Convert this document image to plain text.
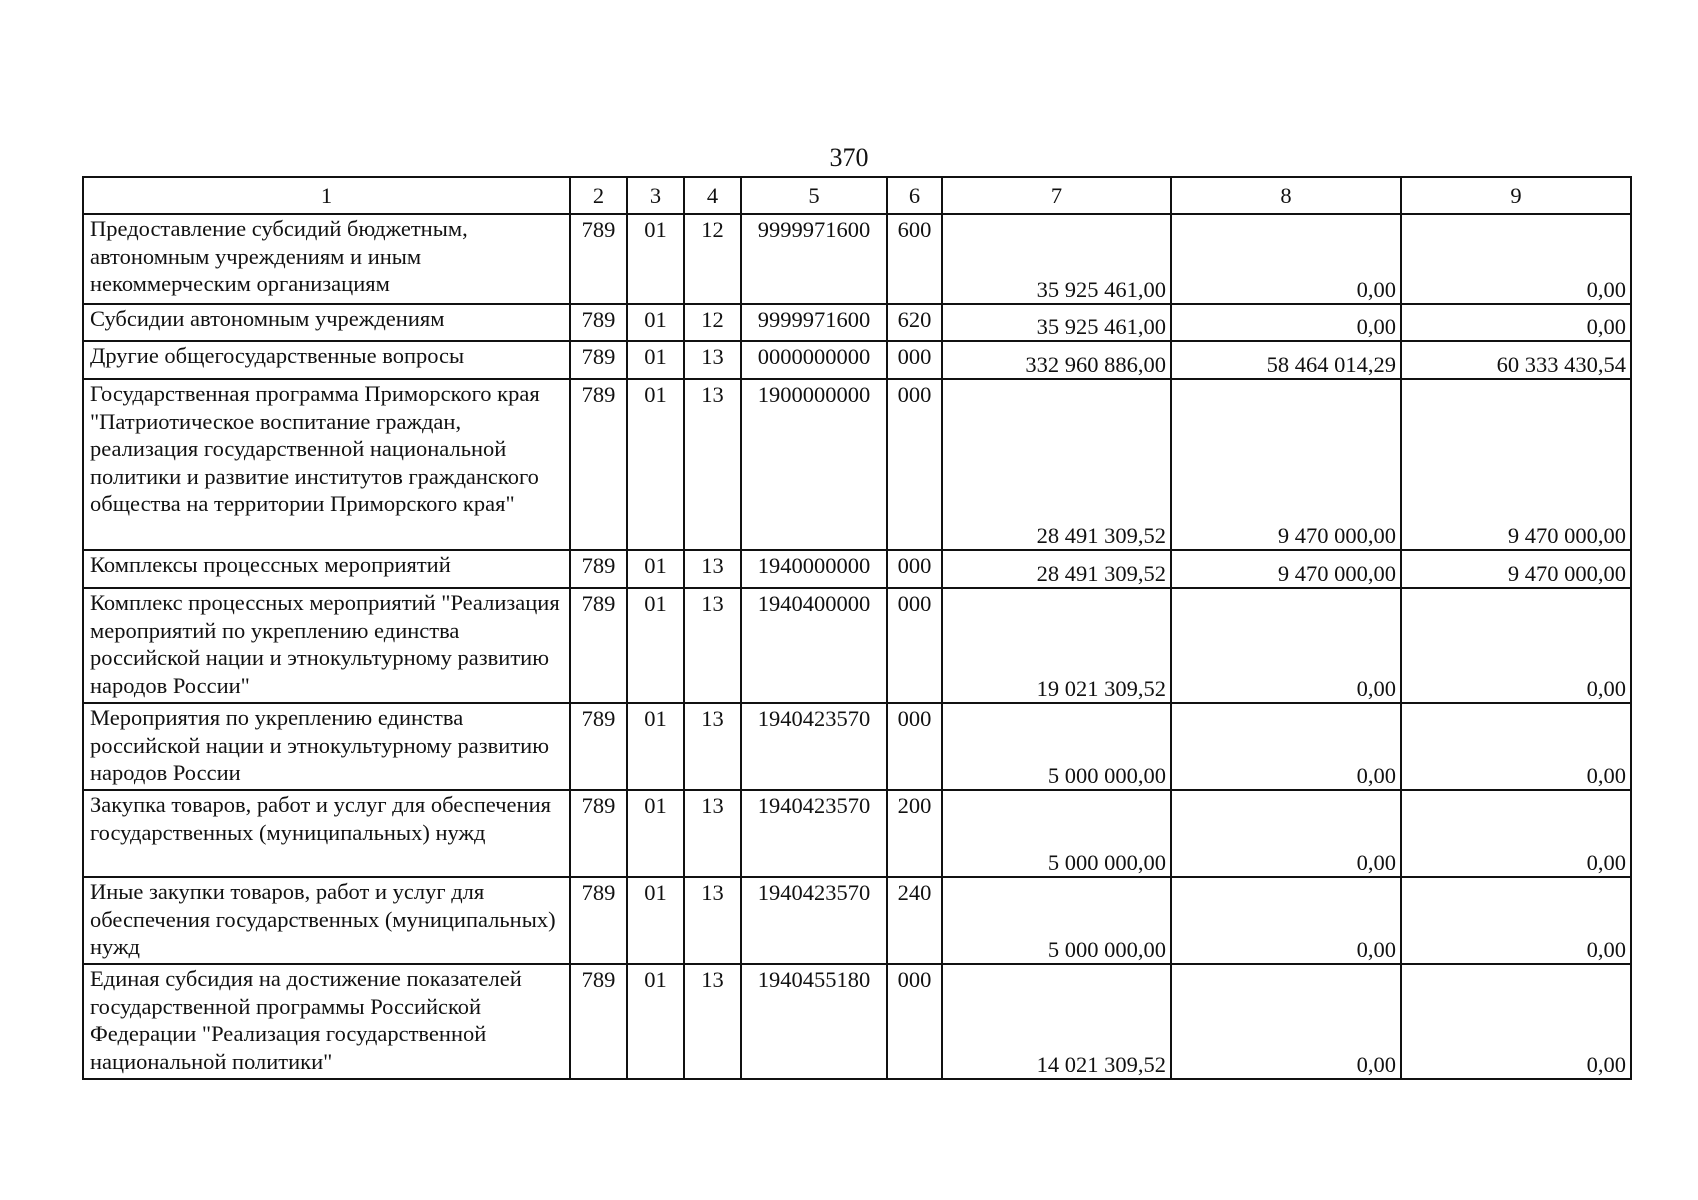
370
1	2	3	4	5	6	7	8	9
Предоставление субсидий бюджетным, автономным учреждениям и иным некоммерческим организациям	789	01	12	9999971600	600	35 925 461,00	0,00	0,00
Субсидии автономным учреждениям	789	01	12	9999971600	620	35 925 461,00	0,00	0,00
Другие общегосударственные вопросы	789	01	13	0000000000	000	332 960 886,00	58 464 014,29	60 333 430,54
Государственная программа Приморского края "Патриотическое воспитание граждан, реализация государственной национальной политики и развитие институтов гражданского общества на территории Приморского края"	789	01	13	1900000000	000	28 491 309,52	9 470 000,00	9 470 000,00
Комплексы процессных мероприятий	789	01	13	1940000000	000	28 491 309,52	9 470 000,00	9 470 000,00
Комплекс процессных мероприятий "Реализация мероприятий по укреплению единства российской нации и этнокультурному развитию народов России"	789	01	13	1940400000	000	19 021 309,52	0,00	0,00
Мероприятия по укреплению единства российской нации и этнокультурному развитию народов России	789	01	13	1940423570	000	5 000 000,00	0,00	0,00
Закупка товаров, работ и услуг для обеспечения государственных (муниципальных) нужд	789	01	13	1940423570	200	5 000 000,00	0,00	0,00
Иные закупки товаров, работ и услуг для обеспечения государственных (муниципальных) нужд	789	01	13	1940423570	240	5 000 000,00	0,00	0,00
Единая субсидия на достижение показателей государственной программы Российской Федерации "Реализация государственной национальной политики"	789	01	13	1940455180	000	14 021 309,52	0,00	0,00
